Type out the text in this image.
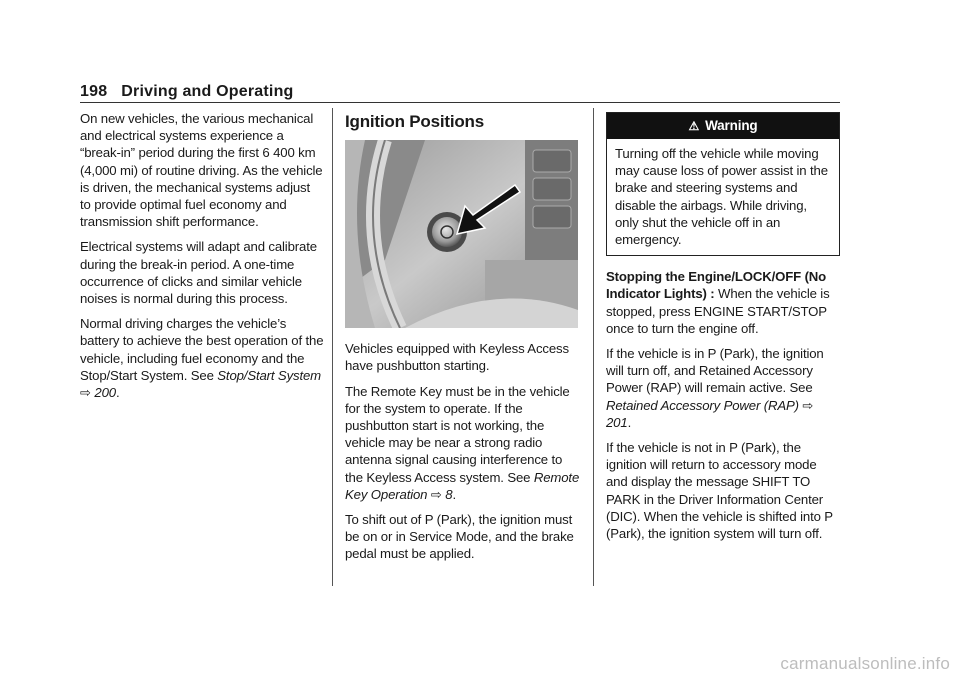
198 Driving and Operating

On new vehicles, the various mechanical and electrical systems experience a “break-in” period during the first 6 400 km (4,000 mi) of routine driving. As the vehicle is driven, the mechanical systems adjust to provide optimal fuel economy and transmission shift performance.

Electrical systems will adapt and calibrate during the break-in period. A one-time occurrence of clicks and similar vehicle noises is normal during this process.

Normal driving charges the vehicle’s battery to achieve the best operation of the vehicle, including fuel economy and the Stop/Start System. See Stop/Start System ⇨ 200.

Ignition Positions

Vehicles equipped with Keyless Access have pushbutton starting.

The Remote Key must be in the vehicle for the system to operate. If the pushbutton start is not working, the vehicle may be near a strong radio antenna signal causing interference to the Keyless Access system. See Remote Key Operation ⇨ 8.

To shift out of P (Park), the ignition must be on or in Service Mode, and the brake pedal must be applied.

⚠ Warning
Turning off the vehicle while moving may cause loss of power assist in the brake and steering systems and disable the airbags. While driving, only shut the vehicle off in an emergency.

Stopping the Engine/LOCK/OFF (No Indicator Lights) : When the vehicle is stopped, press ENGINE START/STOP once to turn the engine off.

If the vehicle is in P (Park), the ignition will turn off, and Retained Accessory Power (RAP) will remain active. See Retained Accessory Power (RAP) ⇨ 201.

If the vehicle is not in P (Park), the ignition will return to accessory mode and display the message SHIFT TO PARK in the Driver Information Center (DIC). When the vehicle is shifted into P (Park), the ignition system will turn off.

carmanualsonline.info
